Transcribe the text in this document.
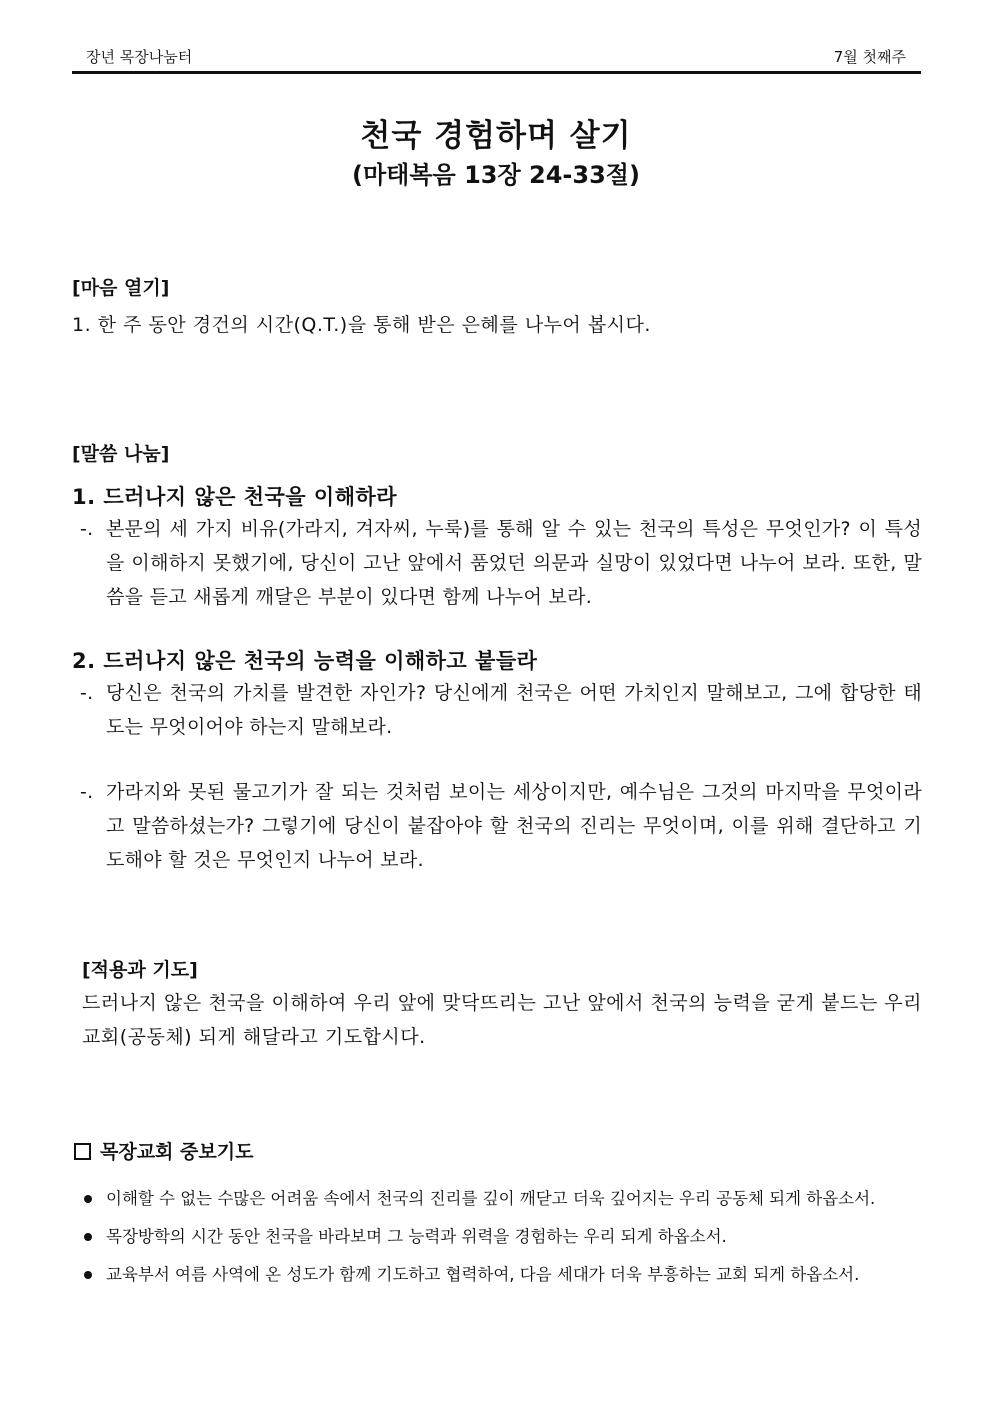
장년 목장나눔터	7월 첫째주
천국 경험하며 살기
(마태복음 13장 24-33절)
[마음 열기]
1. 한 주 동안 경건의 시간(Q.T.)을 통해 받은 은혜를 나누어 봅시다.
[말씀 나눔]
1. 드러나지 않은 천국을 이해하라
-. 본문의 세 가지 비유(가라지, 겨자씨, 누룩)를 통해 알 수 있는 천국의 특성은 무엇인가? 이 특성을 이해하지 못했기에, 당신이 고난 앞에서 품었던 의문과 실망이 있었다면 나누어 보라. 또한, 말씀을 듣고 새롭게 깨달은 부분이 있다면 함께 나누어 보라.
2. 드러나지 않은 천국의 능력을 이해하고 붙들라
-. 당신은 천국의 가치를 발견한 자인가? 당신에게 천국은 어떤 가치인지 말해보고, 그에 합당한 태도는 무엇이어야 하는지 말해보라.
-. 가라지와 못된 물고기가 잘 되는 것처럼 보이는 세상이지만, 예수님은 그것의 마지막을 무엇이라고 말씀하셨는가? 그렇기에 당신이 붙잡아야 할 천국의 진리는 무엇이며, 이를 위해 결단하고 기도해야 할 것은 무엇인지 나누어 보라.
[적용과 기도]
드러나지 않은 천국을 이해하여 우리 앞에 맞닥뜨리는 고난 앞에서 천국의 능력을 굳게 붙드는 우리 교회(공동체) 되게 해달라고 기도합시다.
목장교회 중보기도
이해할 수 없는 수많은 어려움 속에서 천국의 진리를 깊이 깨닫고 더욱 깊어지는 우리 공동체 되게 하옵소서.
목장방학의 시간 동안 천국을 바라보며 그 능력과 위력을 경험하는 우리 되게 하옵소서.
교육부서 여름 사역에 온 성도가 함께 기도하고 협력하여, 다음 세대가 더욱 부흥하는 교회 되게 하옵소서.
